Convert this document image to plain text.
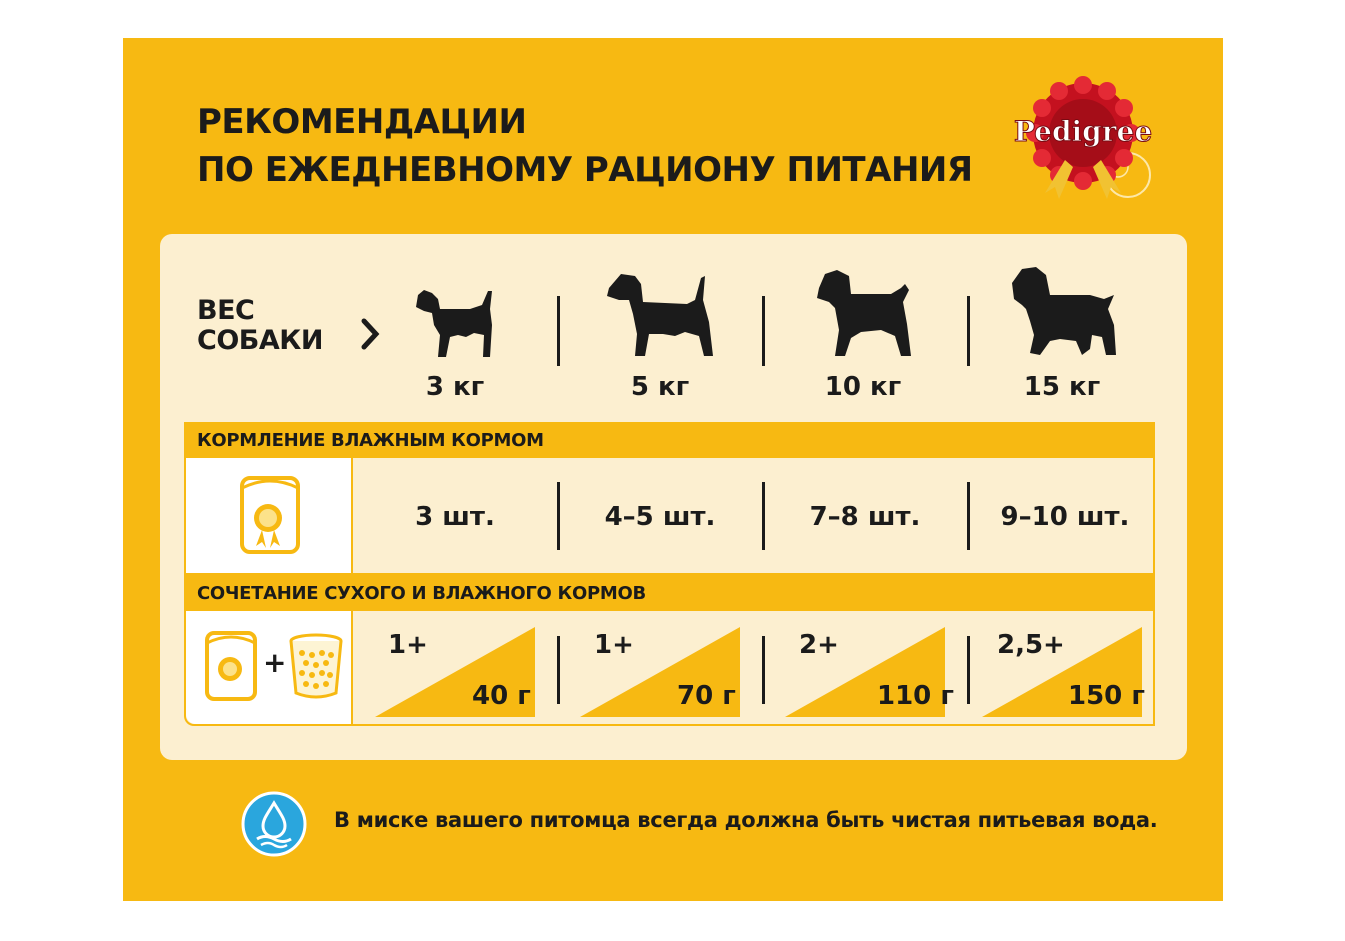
РЕКОМЕНДАЦИИ
ПО ЕЖЕДНЕВНОМУ РАЦИОНУ ПИТАНИЯ
Pedigree
ВЕС
СОБАКИ
3 кг	5 кг	10 кг	15 кг
КОРМЛЕНИЕ ВЛАЖНЫМ КОРМОМ
3 шт.	4–5 шт.	7–8 шт.	9–10 шт.
СОЧЕТАНИЕ СУХОГО И ВЛАЖНОГО КОРМОВ
+
1+	1+	2+	2,5+
40 г	70 г	110 г	150 г
В миске вашего питомца всегда должна быть чистая питьевая вода.
